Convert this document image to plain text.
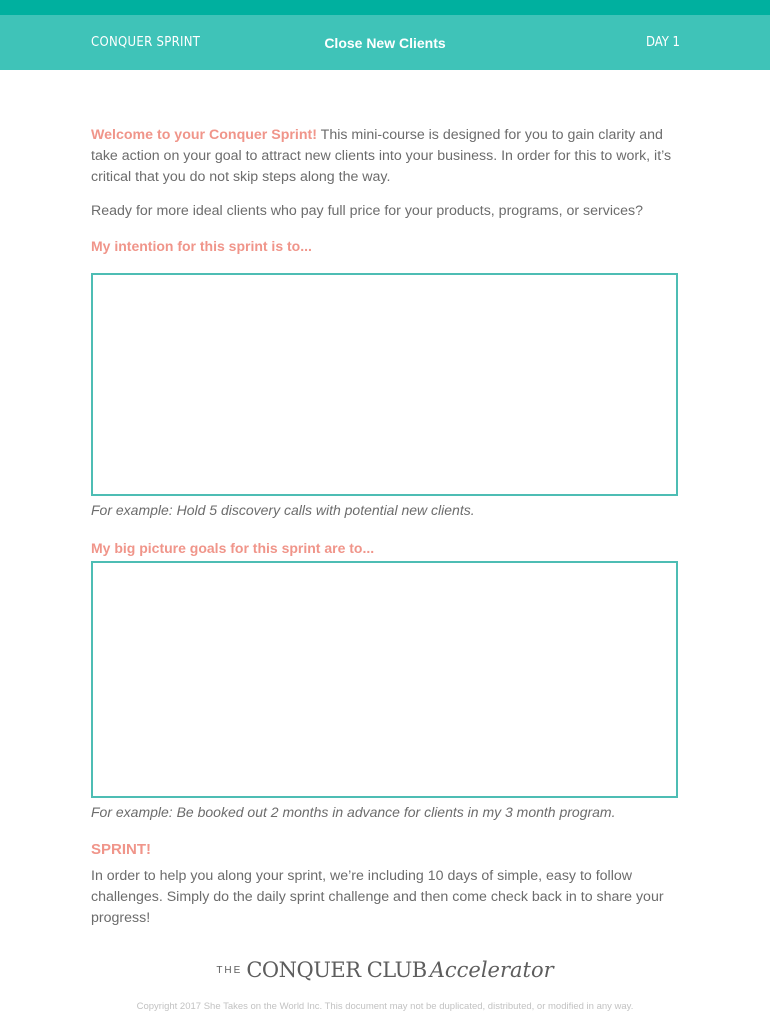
CONQUER SPRINT	Close New Clients	DAY 1

Welcome to your Conquer Sprint! This mini-course is designed for you to gain clarity and take action on your goal to attract new clients into your business. In order for this to work, it’s critical that you do not skip steps along the way.

Ready for more ideal clients who pay full price for your products, programs, or services?

My intention for this sprint is to...

For example: Hold 5 discovery calls with potential new clients.

My big picture goals for this sprint are to...

For example: Be booked out 2 months in advance for clients in my 3 month program.

SPRINT!

In order to help you along your sprint, we’re including 10 days of simple, easy to follow challenges. Simply do the daily sprint challenge and then come check back in to share your progress!

$^{THE}$ CONQUER CLUB Accelerator
Copyright 2017 She Takes on the World Inc. This document may not be duplicated, distributed, or modified in any way.
